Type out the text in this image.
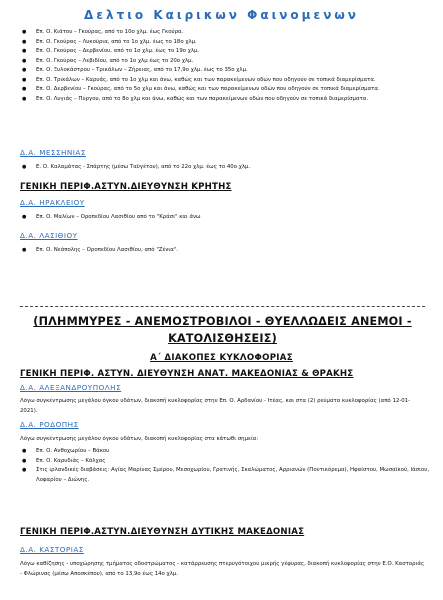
Δελτιο Καιρικων Φαινομενων
● Επ. Ο. Κιάτου – Γκούρας, από το 10ο χλμ. έως Γκούρα.
● Επ. Ο. Γκούρας – Λυκούρια, από το 1ο χλμ. έως το 18ο χλμ.
● Επ. Ο. Γκούρας – Δερβενίου, από το 1ο χλμ. έως το 19ο χλμ.
● Επ. Ο. Γκούρας – Λεβιδίου, από το 1ο χλμ έως το 20ο χλμ.
● Επ. Ο. Ξυλοκάστρου – Τρικάλων – Ζήρειας, από το 17,9ο χλμ. έως το 35ο χλμ.
● Επ. Ο. Τρικάλων – Καρυάς, από το 1ο χλμ και άνω, καθώς και των παρακείμενων οδών που οδηγούν σε τοπικά διαμερίσματα.
● Επ. Ο. Δερβενίου – Γκούρας, από το 5ο χλμ και άνω, καθώς και των παρακείμενων οδών που οδηγούν σε τοπικά διαμερίσματα.
● Επ. Ο. Λυγιάς – Πύργου, από το 8ο χλμ και άνω, καθώς και των παρακείμενων οδών που οδηγούν σε τοπικά διαμερίσματα.
Δ.Α. ΜΕΣΣΗΝΙΑΣ
● Ε. Ο. Καλαμάτας - Σπάρτης (μέσω Ταϋγέτου), από το 22ο χλμ. έως το 40ο χλμ.
ΓΕΝΙΚΗ ΠΕΡΙΦ.ΑΣΤΥΝ.ΔΙΕΥΘΥΝΣΗ ΚΡΗΤΗΣ
Δ.Α. ΗΡΑΚΛΕΙΟΥ
● Επ. Ο. Μαλίων – Οροπεδίου Λασιθίου από το "Κράσι" και άνω
Δ.Α. ΛΑΣΙΘΙΟΥ
● Επ. Ο. Νεάπολης – Οροπεδίου Λασιθίου, από "Ζένια".
(ΠΛΗΜΜΥΡΕΣ - ΑΝΕΜΟΣΤΡΟΒΙΛΟΙ - ΘΥΕΛΛΩΔΕΙΣ ΑΝΕΜΟΙ - ΚΑΤΟΛΙΣΘΗΣΕΙΣ)
Α΄ ΔΙΑΚΟΠΕΣ ΚΥΚΛΟΦΟΡΙΑΣ
ΓΕΝΙΚΗ ΠΕΡΙΦ. ΑΣΤΥΝ. ΔΙΕΥΘΥΝΣΗ ΑΝΑΤ. ΜΑΚΕΔΟΝΙΑΣ & ΘΡΑΚΗΣ
Δ.Α. ΑΛΕΞΑΝΔΡΟΥΠΟΛΗΣ

Λόγω συγκέντρωσης μεγάλου όγκου υδάτων, διακοπή κυκλοφορίας στην Επ. Ο. Αρδανίου - Ιτέας, και στα (2) ρεύματα κυκλοφορίας (από 12-01-2021).

Δ.Α. ΡΟΔΟΠΗΣ

Λόγω συγκέντρωσης μεγάλου όγκου υδάτων, διακοπή κυκλοφορίας στα κάτωθι σημεία:

● Επ. Ο. Ανθοχωρίου – Βάκου
● Επ. Ο. Καρυδιάς – Κάλχας
● Στις ιρλανδικές διαβάσεις: Αγίας Μαρίνας Σμέρου, Μεσοχωρίου, Γρατινής, Σκαλώματος, Αρριανών (Ποντικόρεμα), Ηφαίστου, Μωσαϊκού, Ιάσιου, Λοφαρίου – Διώνης.
ΓΕΝΙΚΗ ΠΕΡΙΦ.ΑΣΤΥΝ.ΔΙΕΥΘΥΝΣΗ ΔΥΤΙΚΗΣ ΜΑΚΕΔΟΝΙΑΣ
Δ.Α. ΚΑΣΤΟΡΙΑΣ

Λόγω καθίζησης - υποχώρησης τμήματος οδοστρώματος - κατάρρευσης πτερυγότοιχου μικρής γέφυρας, διακοπή κυκλοφορίας στην Ε.Ο. Καστοριάς - Φλώρινας (μέσω Αποσκέπου), από το 13,9ο έως 14ο χλμ.
